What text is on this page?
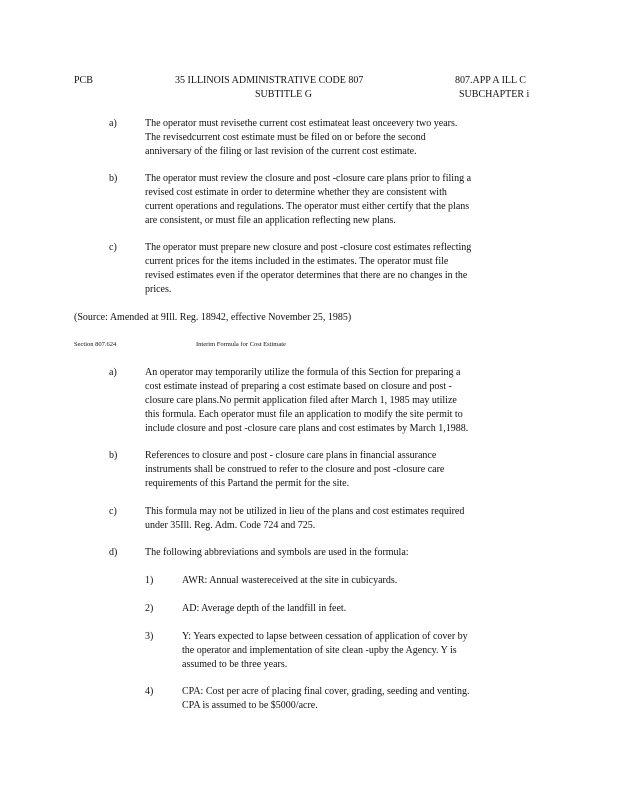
PCB	35 ILLINOIS ADMINISTRATIVE CODE 807
SUBTITLE G
807.APP A ILL C
SUBCHAPTER i
a)	The operator must revisethe current cost estimateat least onceevery two years.
The revisedcurrent cost estimate must be filed on or before the second
anniversary of the filing or last revision of the current cost estimate.
b)	The operator must review the closure and post -closure care plans prior to filing a
revised cost estimate in order to determine whether they are consistent with
current operations and regulations. The operator must either certify that the plans
are consistent, or must file an application reflecting new plans.
c)	The operator must prepare new closure and post -closure cost estimates reflecting
current prices for the items included in the estimates. The operator must file
revised estimates even if the operator determines that there are no changes in the
prices.
(Source: Amended at 9Ill. Reg. 18942, effective November 25, 1985)
Section 807.624	Interim Formula for Cost Estimate
a)	An operator may temporarily utilize the formula of this Section for preparing a
cost estimate instead of preparing a cost estimate based on closure and post -
closure care plans.No permit application filed after March 1, 1985 may utilize
this formula. Each operator must file an application to modify the site permit to
include closure and post -closure care plans and cost estimates by March 1,1988.
b)	References to closure and post - closure care plans in financial assurance
instruments shall be construed to refer to the closure and post -closure care
requirements of this Partand the permit for the site.
c)	This formula may not be utilized in lieu of the plans and cost estimates required
under 35Ill. Reg. Adm. Code 724 and 725.
d)	The following abbreviations and symbols are used in the formula:
1)	AWR: Annual wastereceived at the site in cubicyards.
2)	AD: Average depth of the landfill in feet.
3)	Y: Years expected to lapse between cessation of application of cover by
the operator and implementation of site clean -upby the Agency. Y is
assumed to be three years.
4)	CPA: Cost per acre of placing final cover, grading, seeding and venting.
CPA is assumed to be $5000/acre.
